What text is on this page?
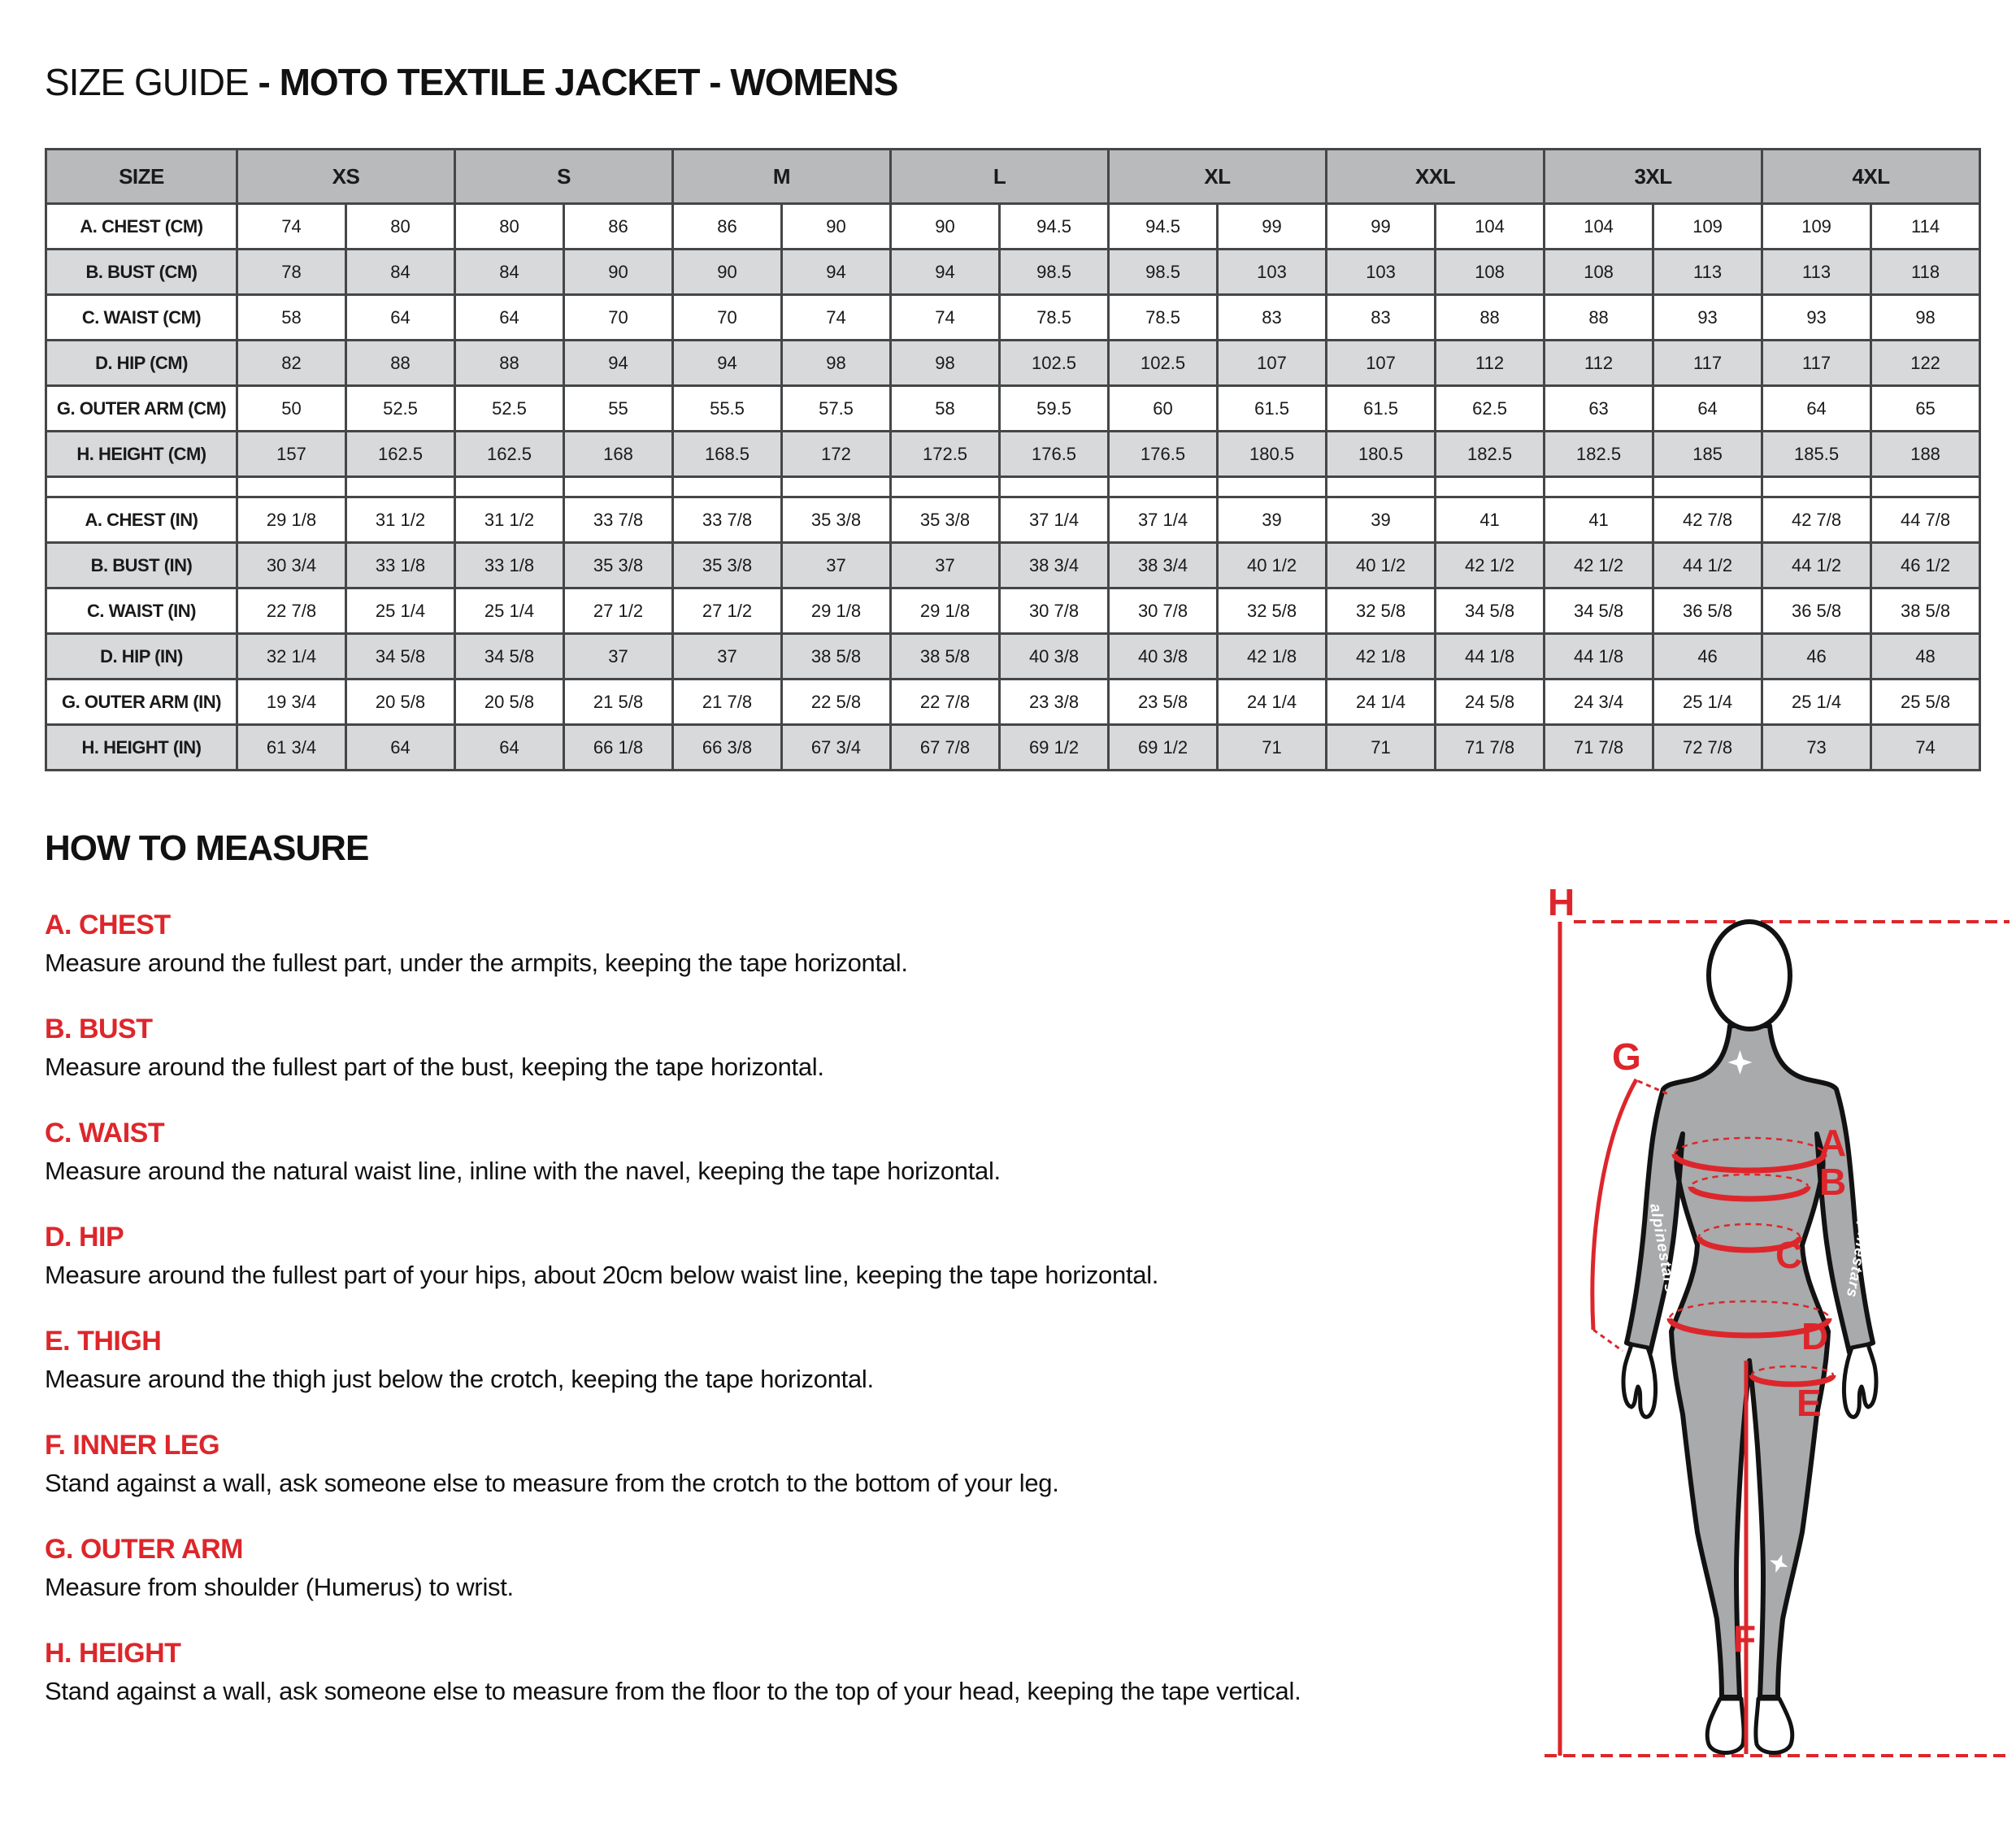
SIZE GUIDE - MOTO TEXTILE JACKET - WOMENS
SIZE	XS		S		M		L		XL		XXL		3XL		4XL	
A. CHEST (CM)	74	80	80	86	86	90	90	94.5	94.5	99	99	104	104	109	109	114
B. BUST (CM)	78	84	84	90	90	94	94	98.5	98.5	103	103	108	108	113	113	118
C. WAIST (CM)	58	64	64	70	70	74	74	78.5	78.5	83	83	88	88	93	93	98
D. HIP (CM)	82	88	88	94	94	98	98	102.5	102.5	107	107	112	112	117	117	122
G. OUTER ARM (CM)	50	52.5	52.5	55	55.5	57.5	58	59.5	60	61.5	61.5	62.5	63	64	64	65
H. HEIGHT (CM)	157	162.5	162.5	168	168.5	172	172.5	176.5	176.5	180.5	180.5	182.5	182.5	185	185.5	188

A. CHEST (IN)	29 1/8	31 1/2	31 1/2	33 7/8	33 7/8	35 3/8	35 3/8	37 1/4	37 1/4	39	39	41	41	42 7/8	42 7/8	44 7/8
B. BUST (IN)	30 3/4	33 1/8	33 1/8	35 3/8	35 3/8	37	37	38 3/4	38 3/4	40 1/2	40 1/2	42 1/2	42 1/2	44 1/2	44 1/2	46 1/2
C. WAIST (IN)	22 7/8	25 1/4	25 1/4	27 1/2	27 1/2	29 1/8	29 1/8	30 7/8	30 7/8	32 5/8	32 5/8	34 5/8	34 5/8	36 5/8	36 5/8	38 5/8
D. HIP (IN)	32 1/4	34 5/8	34 5/8	37	37	38 5/8	38 5/8	40 3/8	40 3/8	42 1/8	42 1/8	44 1/8	44 1/8	46	46	48
G. OUTER ARM (IN)	19 3/4	20 5/8	20 5/8	21 5/8	21 7/8	22 5/8	22 7/8	23 3/8	23 5/8	24 1/4	24 1/4	24 5/8	24 3/4	25 1/4	25 1/4	25 5/8
H. HEIGHT (IN)	61 3/4	64	64	66 1/8	66 3/8	67 3/4	67 7/8	69 1/2	69 1/2	71	71	71 7/8	71 7/8	72 7/8	73	74
HOW TO MEASURE
A. CHEST

Measure around the fullest part, under the armpits, keeping the tape horizontal.

B. BUST

Measure around the fullest part of the bust, keeping the tape horizontal.

C. WAIST

Measure around the natural waist line, inline with the navel, keeping the tape horizontal.

D. HIP

Measure around the fullest part of your hips, about 20cm below waist line, keeping the tape horizontal.

E. THIGH

Measure around the thigh just below the crotch, keeping the tape horizontal.

F. INNER LEG

Stand against a wall, ask someone else to measure from the crotch to the bottom of your leg.

G. OUTER ARM

Measure from shoulder (Humerus) to wrist.

H. HEIGHT

Stand against a wall, ask someone else to measure from the floor to the top of your head, keeping the tape vertical.

H
alpinestars	alpinestars
G
A
B
C
D
E
F
